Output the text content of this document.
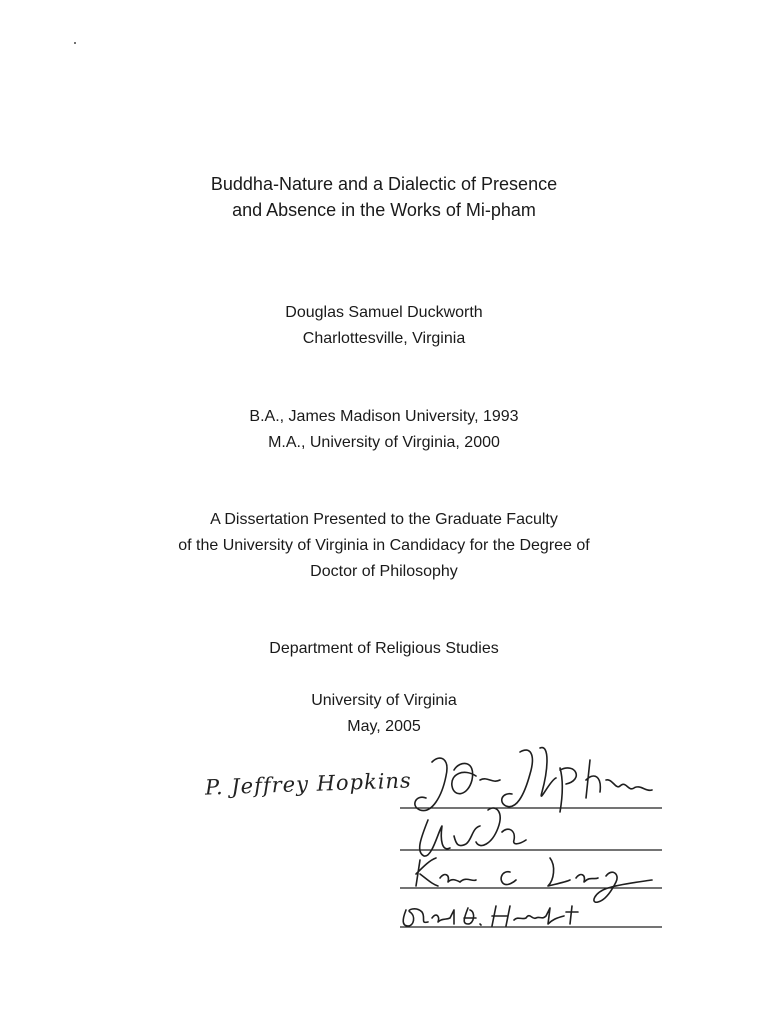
Buddha-Nature and a Dialectic of Presence
and Absence in the Works of Mi-pham
Douglas Samuel Duckworth
Charlottesville, Virginia
B.A., James Madison University, 1993
M.A., University of Virginia, 2000
A Dissertation Presented to the Graduate Faculty
of the University of Virginia in Candidacy for the Degree of
Doctor of Philosophy
Department of Religious Studies
University of Virginia
May, 2005
P. Jeffrey Hopkins
